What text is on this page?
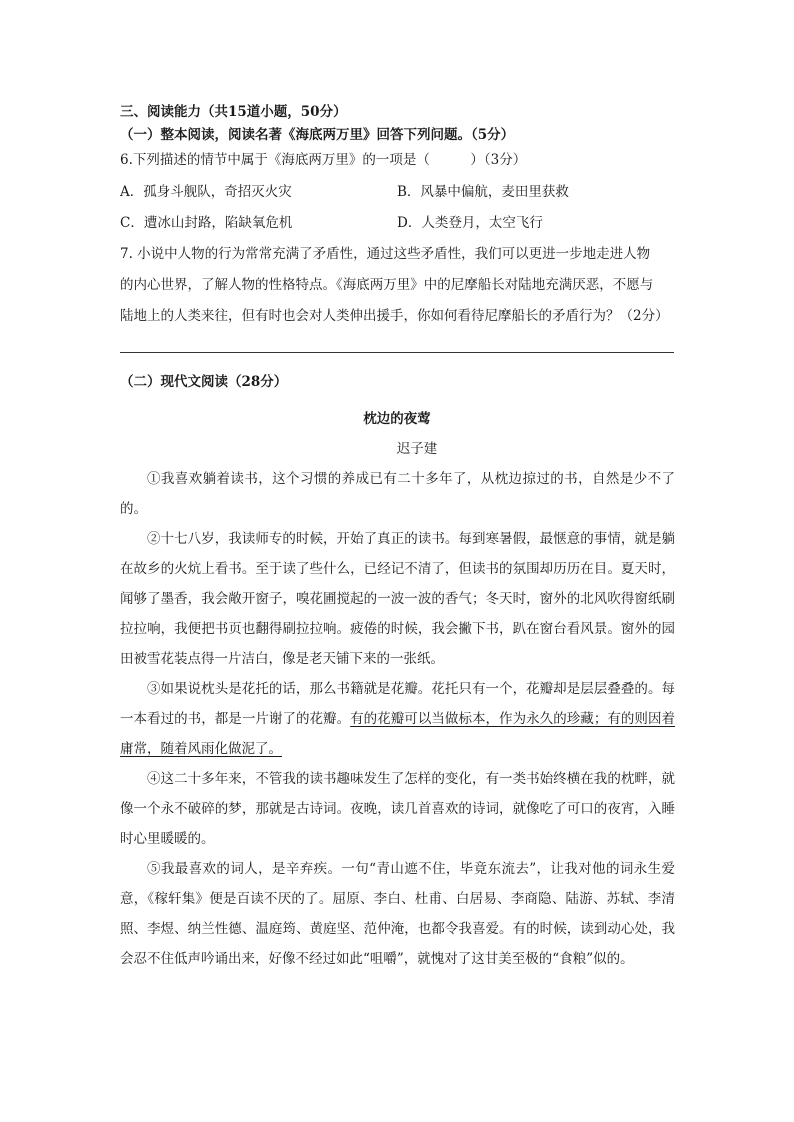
三、阅读能力（共15道小题，50分）
（一）整本阅读，阅读名著《海底两万里》回答下列问题。（5分）
6.下列描述的情节中属于《海底两万里》的一项是（　　　）（3分）
A．孤身斗舰队，奇招灭火灾	B．风暴中偏航，麦田里获救
C．遭冰山封路，陷缺氧危机	D．人类登月，太空飞行
7. 小说中人物的行为常常充满了矛盾性，通过这些矛盾性，我们可以更进一步地走进人物
的内心世界，了解人物的性格特点。《海底两万里》中的尼摩船长对陆地充满厌恶，不愿与
陆地上的人类来往，但有时也会对人类伸出援手，你如何看待尼摩船长的矛盾行为？（2分）
（二）现代文阅读（28分）
枕边的夜莺
迟子建

①我喜欢躺着读书，这个习惯的养成已有二十多年了，从枕边掠过的书，自然是少不了的。

②十七八岁，我读师专的时候，开始了真正的读书。每到寒暑假，最惬意的事情，就是躺在故乡的火炕上看书。至于读了些什么，已经记不清了，但读书的氛围却历历在目。夏天时，闻够了墨香，我会敞开窗子，嗅花圃搅起的一波一波的香气；冬天时，窗外的北风吹得窗纸刷拉拉响，我便把书页也翻得刷拉拉响。疲倦的时候，我会撇下书，趴在窗台看风景。窗外的园田被雪花装点得一片洁白，像是老天铺下来的一张纸。

③如果说枕头是花托的话，那么书籍就是花瓣。花托只有一个，花瓣却是层层叠叠的。每一本看过的书，都是一片谢了的花瓣。有的花瓣可以当做标本，作为永久的珍藏；有的则因着庸常，随着风雨化做泥了。

④这二十多年来，不管我的读书趣味发生了怎样的变化，有一类书始终横在我的枕畔，就像一个永不破碎的梦，那就是古诗词。夜晚，读几首喜欢的诗词，就像吃了可口的夜宵，入睡时心里暖暖的。

⑤我最喜欢的词人，是辛弃疾。一句“青山遮不住，毕竟东流去”，让我对他的词永生爱意，《稼轩集》便是百读不厌的了。屈原、李白、杜甫、白居易、李商隐、陆游、苏轼、李清照、李煜、纳兰性德、温庭筠、黄庭坚、范仲淹，也都令我喜爱。有的时候，读到动心处，我会忍不住低声吟诵出来，好像不经过如此“咀嚼”，就愧对了这甘美至极的“食粮”似的。
